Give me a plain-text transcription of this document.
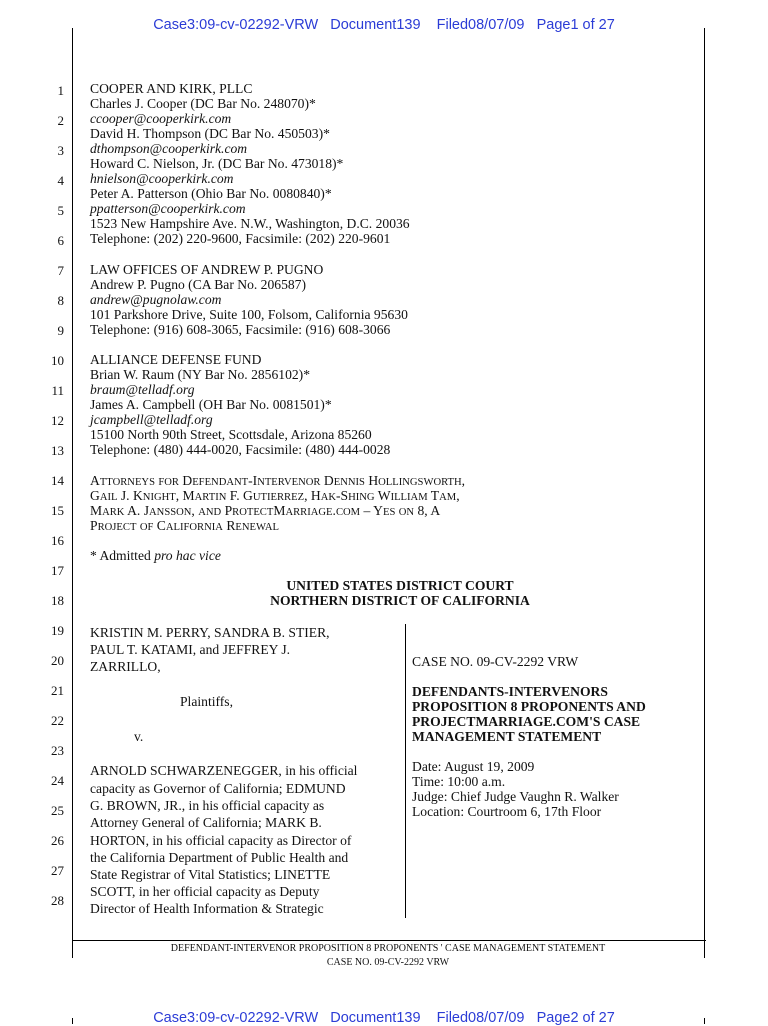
Case3:09-cv-02292-VRW   Document139    Filed08/07/09   Page1 of 27
1
2
3
4
5
6
7
8
9
10
11
12
13
14
15
16
17
18
19
20
21
22
23
24
25
26
27
28
COOPER AND KIRK, PLLC
Charles J. Cooper (DC Bar No. 248070)*
ccooper@cooperkirk.com
David H. Thompson (DC Bar No. 450503)*
dthompson@cooperkirk.com
Howard C. Nielson, Jr. (DC Bar No. 473018)*
hnielson@cooperkirk.com
Peter A. Patterson (Ohio Bar No. 0080840)*
ppatterson@cooperkirk.com
1523 New Hampshire Ave. N.W., Washington, D.C. 20036
Telephone: (202) 220-9600, Facsimile: (202) 220-9601
LAW OFFICES OF ANDREW P. PUGNO
Andrew P. Pugno (CA Bar No. 206587)
andrew@pugnolaw.com
101 Parkshore Drive, Suite 100, Folsom, California 95630
Telephone: (916) 608-3065, Facsimile: (916) 608-3066
ALLIANCE DEFENSE FUND
Brian W. Raum (NY Bar No. 2856102)*
braum@telladf.org
James A. Campbell (OH Bar No. 0081501)*
jcampbell@telladf.org
15100 North 90th Street, Scottsdale, Arizona 85260
Telephone: (480) 444-0020, Facsimile: (480) 444-0028
ATTORNEYS FOR DEFENDANT-INTERVENOR DENNIS HOLLINGSWORTH,
GAIL J. KNIGHT, MARTIN F. GUTIERREZ, HAK-SHING WILLIAM TAM,
MARK A. JANSSON, AND PROTECTMARRIAGE.COM – YES ON 8, A
PROJECT OF CALIFORNIA RENEWAL
* Admitted pro hac vice
UNITED STATES DISTRICT COURT
NORTHERN DISTRICT OF CALIFORNIA
KRISTIN M. PERRY, SANDRA B. STIER,
PAUL T. KATAMI, and JEFFREY J.
ZARRILLO,
Plaintiffs,
v.
ARNOLD SCHWARZENEGGER, in his official
capacity as Governor of California; EDMUND
G. BROWN, JR., in his official capacity as
Attorney General of California; MARK B.
HORTON, in his official capacity as Director of
the California Department of Public Health and
State Registrar of Vital Statistics; LINETTE
SCOTT, in her official capacity as Deputy
Director of Health Information & Strategic
CASE NO. 09-CV-2292 VRW
DEFENDANTS-INTERVENORS
PROPOSITION 8 PROPONENTS AND
PROJECTMARRIAGE.COM'S CASE
MANAGEMENT STATEMENT
Date: August 19, 2009
Time: 10:00 a.m.
Judge: Chief Judge Vaughn R. Walker
Location: Courtroom 6, 17th Floor
DEFENDANT-INTERVENOR PROPOSITION 8 PROPONENTS ' CASE MANAGEMENT STATEMENT
CASE NO. 09-CV-2292 VRW
Case3:09-cv-02292-VRW   Document139    Filed08/07/09   Page2 of 27
